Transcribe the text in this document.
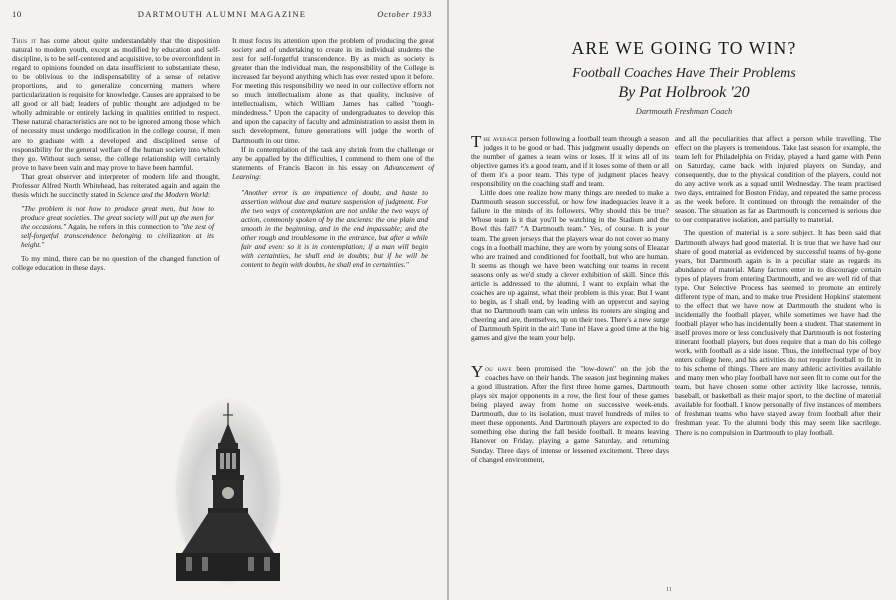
10	DARTMOUTH ALUMNI MAGAZINE	October 1933

Thus it has come about quite understandably that the disposition natural to modern youth, except as modified by education and self-discipline, is to be self-centered and acquisitive, to be overconfident in regard to opinions founded on data insufficient to substantiate these, to be oblivious to the indispensability of a sense of relative proportions, and to generalize concerning matters where particularization is requisite for knowledge. Causes are appraised to be all good or all bad; leaders of public thought are adjudged to be wholly admirable or entirely lacking in qualities entitled to respect. These natural characteristics are not to be ignored among those which of necessity must undergo modification in the college course, if men are to graduate with a developed and disciplined sense of responsibility for the general welfare of the human society into which they go. Without such sense, the college relationship will certainly prove to have been vain and may prove to have been harmful.

That great observer and interpreter of modern life and thought, Professor Alfred North Whitehead, has reiterated again and again the thesis which he succinctly stated in Science and the Modern World:

"The problem is not how to produce great men, but how to produce great societies. The great society will put up the men for the occasions." Again, he refers in this connection to "the zest of self-forgetful transcendence belonging to civilization at its height."

To my mind, there can be no question of the changed function of college education in these days.

It must focus its attention upon the problem of producing the great society and of undertaking to create in its individual students the zest for self-forgetful transcendence. By as much as society is greater than the individual man, the responsibility of the College is increased far beyond anything which has ever rested upon it before. For meeting this responsibility we need in our collective efforts not so much intellectualism alone as that quality, inclusive of intellectualism, which William James has called "tough-mindedness." Upon the capacity of undergraduates to develop this and upon the capacity of faculty and administration to assist them in such development, future generations will judge the worth of Dartmouth in our time.

If in contemplation of the task any shrink from the challenge or any be appalled by the difficulties, I commend to them one of the statements of Francis Bacon in his essay on Advancement of Learning:

"Another error is an impatience of doubt, and haste to assertion without due and mature suspension of judgment. For the two ways of contemplation are not unlike the two ways of action, commonly spoken of by the ancients: the one plain and smooth in the beginning, and in the end impassable; and the other rough and troublesome in the entrance, but after a while fair and even: so it is in contemplation; if a man will begin with certainties, he shall end in doubts; but if he will be content to begin with doubts, he shall end in certainties."

ARE WE GOING TO WIN?
Football Coaches Have Their Problems
By Pat Holbrook '20
Dartmouth Freshman Coach

The average person following a football team through a season judges it to be good or bad. This judgment usually depends on the number of games a team wins or loses. If it wins all of its objective games it's a good team, and if it loses some of them or all of them it's a poor team. This type of judgment places heavy responsibility on the coaching staff and team.

Little does one realize how many things are needed to make a Dartmouth season successful, or how few inadequacies leave it a failure in the minds of its followers. Why should this be true? Whose team is it that you'll be watching in the Stadium and the Bowl this fall? "A Dartmouth team." Yes, of course. It is your team. The green jerseys that the players wear do not cover so many cogs in a football machine, they are worn by young sons of Eleazar who are trained and conditioned for football, but who are human. It seems as though we have been watching our teams in recent seasons only as we'd study a clever exhibition of skill. Since this article is addressed to the alumni, I want to explain what the coaches are up against, what their problem is this year. But I want to begin, as I shall end, by leading with an uppercut and saying that no Dartmouth team can win unless its rooters are singing and cheering and are, themselves, up on their toes. There's a new surge of Dartmouth Spirit in the air! Tune in! Have a good time at the big games and give the team your help.

You have been promised the "low-down" on the job the coaches have on their hands. The season just beginning makes a good illustration. After the first three home games, Dartmouth plays six major opponents in a row, the first four of these games being played away from home on successive week-ends. Dartmouth, due to its isolation, must travel hundreds of miles to meet these opponents. And Dartmouth players are expected to do something else during the fall beside football. It means leaving Hanover on Friday, playing a game Saturday, and returning Sunday. Three days of intense or lessened excitement. Three days of changed environment,

and all the peculiarities that affect a person while travelling. The effect on the players is tremendous. Take last season for example, the team left for Philadelphia on Friday, played a hard game with Penn on Saturday, came back with injured players on Sunday, and consequently, due to the physical condition of the players, could not do any active work as a squad until Wednesday. The team practised two days, entrained for Boston Friday, and repeated the same process as the week before. It continued on through the remainder of the season. The situation as far as Dartmouth is concerned is serious due to our comparative isolation, and partially to material.

The question of material is a sore subject. It has been said that Dartmouth always had good material. It is true that we have had our share of good material as evidenced by successful teams of by-gone years, but Dartmouth again is in a peculiar state as regards its abundance of material. Many factors enter in to discourage certain types of players from entering Dartmouth, and we are well rid of that type. Our Selective Process has seemed to promote an entirely different type of man, and to make true President Hopkins' statement to the effect that we have now at Dartmouth the student who is incidentally the football player, while sometimes we have had the football player who has incidentally been a student. That statement in itself proves more or less conclusively that Dartmouth is not fostering itinerant football players, but does require that a man do his college work, with football as a side issue. Thus, the intellectual type of boy enters college here, and his activities do not require football to fit in to his scheme of things. There are many athletic activities available and many men who play football have not seen fit to come out for the team, but have chosen some other activity like lacrosse, tennis, baseball, or basketball as their major sport, to the decline of material available for football. I know personally of five instances of members of freshman teams who have stayed away from football after their freshman year. To the alumni body this may seem like sacrilege. There is no compulsion in Dartmouth to play football.

11
